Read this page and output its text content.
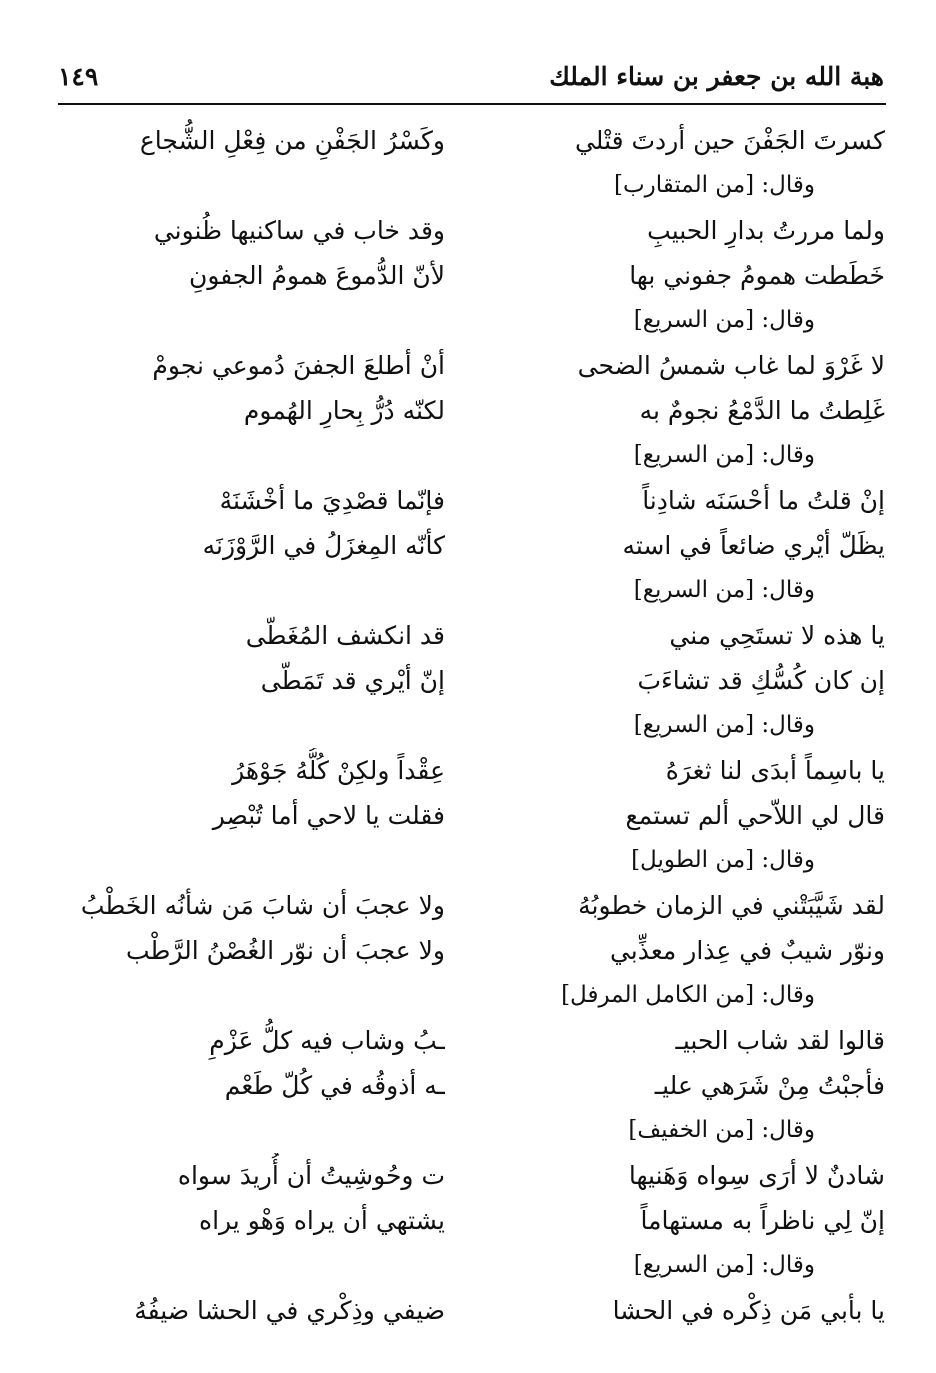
هبة الله بن جعفر بن سناء الملك
١٤٩
كسرتَ الجَفْنَ حين أردتَ قتْلي
وكَسْرُ الجَفْنِ من فِعْلِ الشُّجاع
وقال: [من المتقارب]
ولما مررتُ بدارِ الحبيبِ
وقد خاب في ساكنيها ظُنوني
خَطَطت همومُ جفوني بها
لأنّ الدُّموعَ همومُ الجفونِ
وقال: [من السريع]
لا غَرْوَ لما غاب شمسُ الضحى
أنْ أطلعَ الجفنَ دُموعي نجومْ
غَلِطتُ ما الدَّمْعُ نجومٌ به
لكنّه دُرُّ بِحارِ الهُموم
وقال: [من السريع]
إنْ قلتُ ما أحْسَنَه شادِناً
فإنّما قصْدِيَ ما أخْشَنَهْ
يظَلّ أيْري ضائعاً في استه
كأنّه المِغزَلُ في الرَّوْزَنَه
وقال: [من السريع]
يا هذه لا تستَحِي مني
قد انكشف المُغَطّى
إن كان كُسُّكِ قد تشاءَبَ
إنّ أيْري قد تَمَطّى
وقال: [من السريع]
يا باسِماً أبدَى لنا ثغرَهُ
عِقْداً ولكِنْ كُلُّهُ جَوْهَرُ
قال لي اللاّحي ألم تستمع
فقلت يا لاحي أما تُبْصِر
وقال: [من الطويل]
لقد شَيَّبَتْني في الزمان خطوبُهُ
ولا عجبَ أن شابَ مَن شأنُه الخَطْبُ
ونوّر شيبٌ في عِذار معذِّبي
ولا عجبَ أن نوّر الغُصْنُ الرَّطْب
وقال: [من الكامل المرفل]
قالوا لقد شاب الحبيـ
ـبُ وشاب فيه كلُّ عَزْمِ
فأجبْتُ مِنْ شَرَهي عليـ
ـه أذوقُه في كُلّ طَعْم
وقال: [من الخفيف]
شادنٌ لا أرَى سِواه وَهَنيها
ت وحُوشِيتُ أن أُريدَ سواه
إنّ لِي ناظراً به مستهاماً
يشتهي أن يراه وَهْو يراه
وقال: [من السريع]
يا بأبي مَن ذِكْره في الحشا
ضيفي وذِكْري في الحشا ضيفُهُ
